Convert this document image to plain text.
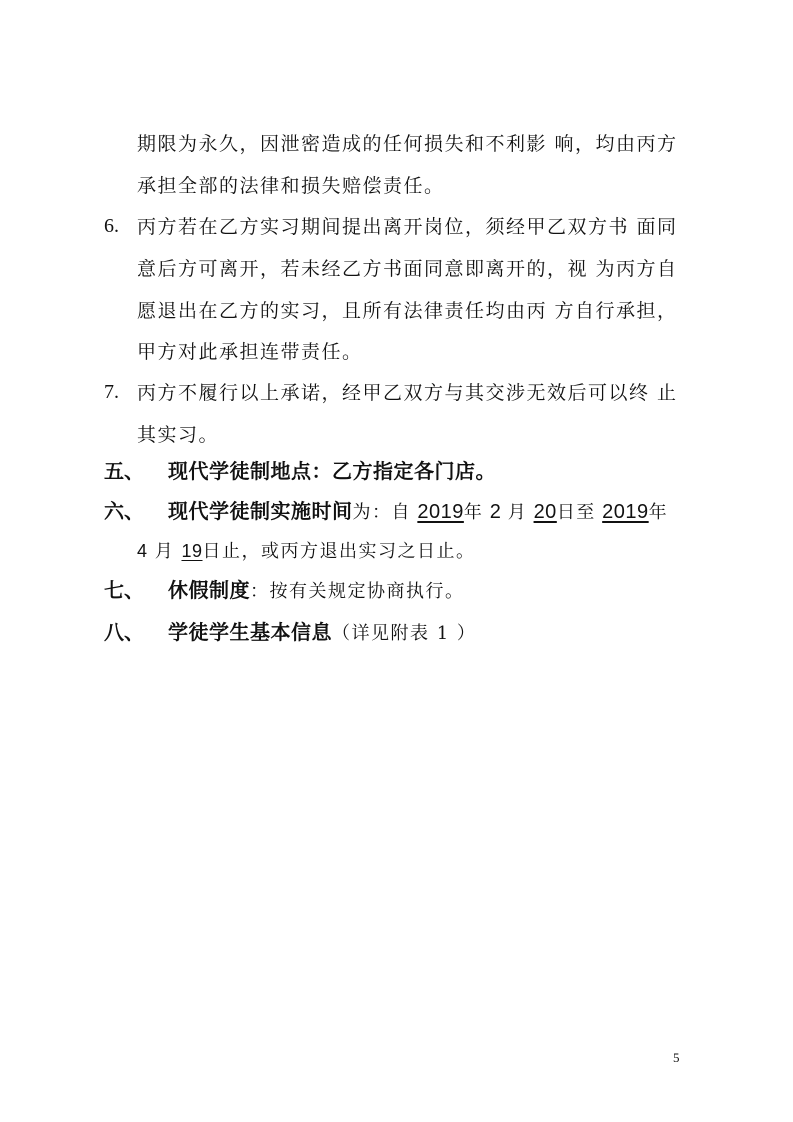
期限为永久，因泄密造成的任何损失和不利影 响，均由丙方
承担全部的法律和损失赔偿责任。
6. 丙方若在乙方实习期间提出离开岗位，须经甲乙双方书 面同
意后方可离开，若未经乙方书面同意即离开的，视 为丙方自
愿退出在乙方的实习，且所有法律责任均由丙 方自行承担，
甲方对此承担连带责任。
7. 丙方不履行以上承诺，经甲乙双方与其交涉无效后可以终 止
其实习。
五、 现代学徒制地点：乙方指定各门店。
六、 现代学徒制实施时间为：自 2019年 2 月 20日至 2019年
4 月 19日止，或丙方退出实习之日止。
七、 休假制度：按有关规定协商执行。
八、 学徒学生基本信息（详见附表 1 ）
5
